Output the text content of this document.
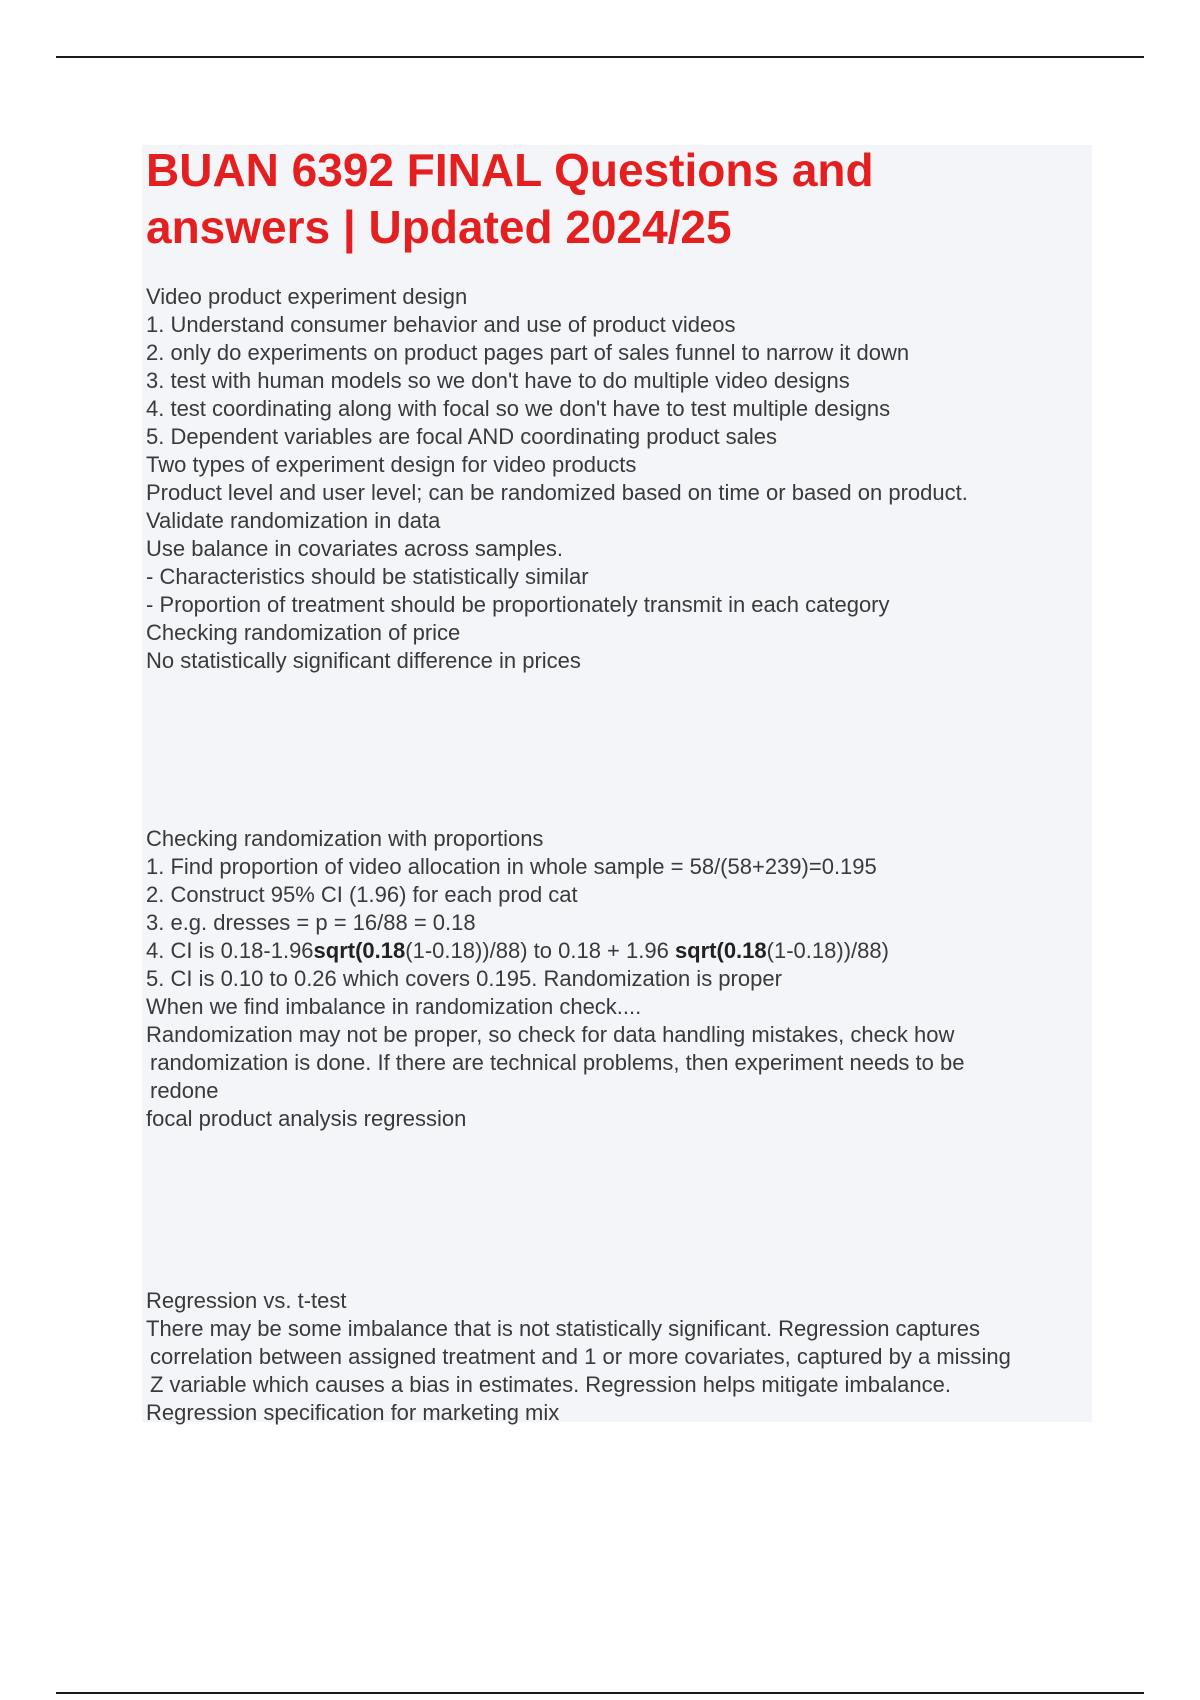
BUAN 6392 FINAL Questions and answers | Updated 2024/25
Video product experiment design
1. Understand consumer behavior and use of product videos
2. only do experiments on product pages part of sales funnel to narrow it down
3. test with human models so we don't have to do multiple video designs
4. test coordinating along with focal so we don't have to test multiple designs
5. Dependent variables are focal AND coordinating product sales
Two types of experiment design for video products
Product level and user level; can be randomized based on time or based on product.
Validate randomization in data
Use balance in covariates across samples.
- Characteristics should be statistically similar
- Proportion of treatment should be proportionately transmit in each category
Checking randomization of price
No statistically significant difference in prices
Checking randomization with proportions
1. Find proportion of video allocation in whole sample = 58/(58+239)=0.195
2. Construct 95% CI (1.96) for each prod cat
3. e.g. dresses = p = 16/88 = 0.18
4. CI is 0.18-1.96sqrt(0.18(1-0.18))/88) to 0.18 + 1.96 sqrt(0.18(1-0.18))/88)
5. CI is 0.10 to 0.26 which covers 0.195. Randomization is proper
When we find imbalance in randomization check....
Randomization may not be proper, so check for data handling mistakes, check how
randomization is done. If there are technical problems, then experiment needs to be
redone
focal product analysis regression
Regression vs. t-test
There may be some imbalance that is not statistically significant. Regression captures
correlation between assigned treatment and 1 or more covariates, captured by a missing
Z variable which causes a bias in estimates. Regression helps mitigate imbalance.
Regression specification for marketing mix
